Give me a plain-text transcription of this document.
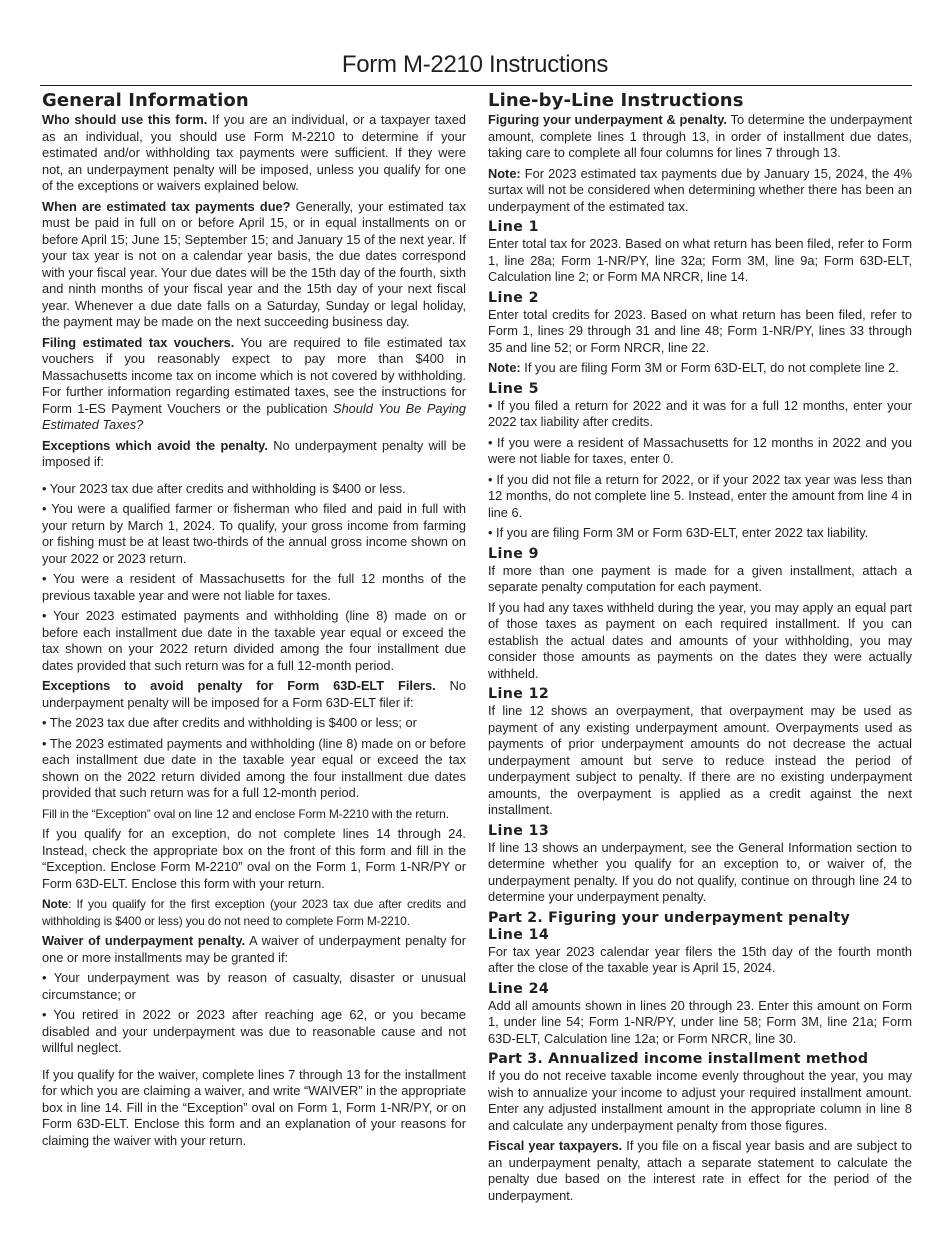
Form M-2210 Instructions
General Information

Who should use this form. If you are an individual, or a taxpayer taxed as an individual, you should use Form M-2210 to determine if your estimated and/or withholding tax payments were sufficient. If they were not, an underpayment penalty will be imposed, unless you qualify for one of the exceptions or waivers explained below.

When are estimated tax payments due? Generally, your estimated tax must be paid in full on or before April 15, or in equal installments on or before April 15; June 15; September 15; and January 15 of the next year. If your tax year is not on a calendar year basis, the due dates correspond with your fiscal year. Your due dates will be the 15th day of the fourth, sixth and ninth months of your fiscal year and the 15th day of your next fiscal year. Whenever a due date falls on a Saturday, Sunday or legal holiday, the payment may be made on the next succeeding business day.

Filing estimated tax vouchers. You are required to file estimated tax vouchers if you reasonably expect to pay more than $400 in Massachusetts income tax on income which is not covered by withholding. For further information regarding estimated taxes, see the instructions for Form 1-ES Payment Vouchers or the publication Should You Be Paying Estimated Taxes?

Exceptions which avoid the penalty. No underpayment penalty will be imposed if:

• Your 2023 tax due after credits and withholding is $400 or less.

• You were a qualified farmer or fisherman who filed and paid in full with your return by March 1, 2024. To qualify, your gross income from farming or fishing must be at least two-thirds of the annual gross income shown on your 2022 or 2023 return.

• You were a resident of Massachusetts for the full 12 months of the previous taxable year and were not liable for taxes.

• Your 2023 estimated payments and withholding (line 8) made on or before each installment due date in the taxable year equal or exceed the tax shown on your 2022 return divided among the four installment due dates provided that such return was for a full 12-month period.

Exceptions to avoid penalty for Form 63D-ELT Filers. No underpayment penalty will be imposed for a Form 63D-ELT filer if:

• The 2023 tax due after credits and withholding is $400 or less; or

• The 2023 estimated payments and withholding (line 8) made on or before each installment due date in the taxable year equal or exceed the tax shown on the 2022 return divided among the four installment due dates provided that such return was for a full 12-month period.

Fill in the “Exception” oval on line 12 and enclose Form M-2210 with the return.

If you qualify for an exception, do not complete lines 14 through 24. Instead, check the appropriate box on the front of this form and fill in the “Exception. Enclose Form M-2210” oval on the Form 1, Form 1-NR/PY or Form 63D-ELT. Enclose this form with your return.

Note: If you qualify for the first exception (your 2023 tax due after credits and withholding is $400 or less) you do not need to complete Form M-2210.

Waiver of underpayment penalty. A waiver of underpayment penalty for one or more installments may be granted if:

• Your underpayment was by reason of casualty, disaster or unusual circumstance; or

• You retired in 2022 or 2023 after reaching age 62, or you became disabled and your underpayment was due to reasonable cause and not willful neglect.

If you qualify for the waiver, complete lines 7 through 13 for the installment for which you are claiming a waiver, and write “WAIVER” in the appropriate box in line 14. Fill in the “Exception” oval on Form 1, Form 1-NR/PY, or on Form 63D-ELT. Enclose this form and an explanation of your reasons for claiming the waiver with your return.

Line-by-Line Instructions

Figuring your underpayment & penalty. To determine the underpayment amount, complete lines 1 through 13, in order of installment due dates, taking care to complete all four columns for lines 7 through 13.

Note: For 2023 estimated tax payments due by January 15, 2024, the 4% surtax will not be considered when determining whether there has been an underpayment of the estimated tax.

Line 1

Enter total tax for 2023. Based on what return has been filed, refer to Form 1, line 28a; Form 1-NR/PY, line 32a; Form 3M, line 9a; Form 63D-ELT, Calculation line 2; or Form MA NRCR, line 14.

Line 2

Enter total credits for 2023. Based on what return has been filed, refer to Form 1, lines 29 through 31 and line 48; Form 1-NR/PY, lines 33 through 35 and line 52; or Form NRCR, line 22.

Note: If you are filing Form 3M or Form 63D-ELT, do not complete line 2.

Line 5

• If you filed a return for 2022 and it was for a full 12 months, enter your 2022 tax liability after credits.

• If you were a resident of Massachusetts for 12 months in 2022 and you were not liable for taxes, enter 0.

• If you did not file a return for 2022, or if your 2022 tax year was less than 12 months, do not complete line 5. Instead, enter the amount from line 4 in line 6.

• If you are filing Form 3M or Form 63D-ELT, enter 2022 tax liability.

Line 9

If more than one payment is made for a given installment, attach a separate penalty computation for each payment.

If you had any taxes withheld during the year, you may apply an equal part of those taxes as payment on each required installment. If you can establish the actual dates and amounts of your withholding, you may consider those amounts as payments on the dates they were actually withheld.

Line 12

If line 12 shows an overpayment, that overpayment may be used as payment of any existing underpayment amount. Overpayments used as payments of prior underpayment amounts do not decrease the actual underpayment amount but serve to reduce instead the period of underpayment subject to penalty. If there are no existing underpayment amounts, the overpayment is applied as a credit against the next installment.

Line 13

If line 13 shows an underpayment, see the General Information section to determine whether you qualify for an exception to, or waiver of, the underpayment penalty. If you do not qualify, continue on through line 24 to determine your underpayment penalty.

Part 2. Figuring your underpayment penalty
Line 14

For tax year 2023 calendar year filers the 15th day of the fourth month after the close of the taxable year is April 15, 2024.

Line 24

Add all amounts shown in lines 20 through 23. Enter this amount on Form 1, under line 54; Form 1-NR/PY, under line 58; Form 3M, line 21a; Form 63D-ELT, Calculation line 12a; or Form NRCR, line 30.

Part 3. Annualized income installment method

If you do not receive taxable income evenly throughout the year, you may wish to annualize your income to adjust your required installment amount. Enter any adjusted installment amount in the appropriate column in line 8 and calculate any underpayment penalty from those figures.

Fiscal year taxpayers. If you file on a fiscal year basis and are subject to an underpayment penalty, attach a separate statement to calculate the penalty due based on the interest rate in effect for the period of the underpayment.
